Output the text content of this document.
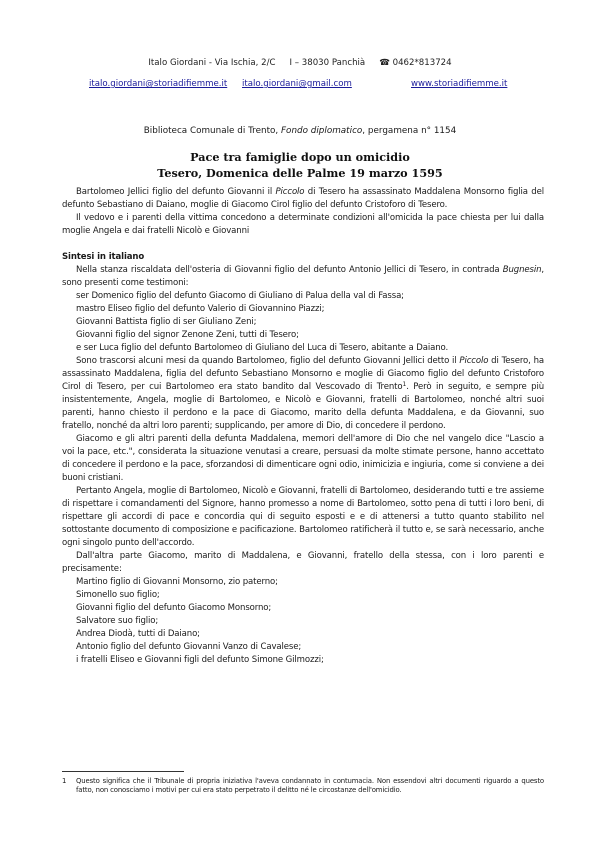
Italo Giordani - Via Ischia, 2/C I – 38030 Panchià ☎ 0462*813724
italo.giordani@storiadifiemme.it italo.giordani@gmail.com	www.storiadifiemme.it
Biblioteca Comunale di Trento, Fondo diplomatico, pergamena n° 1154
Pace tra famiglie dopo un omicidio
Tesero, Domenica delle Palme 19 marzo 1595

Bartolomeo Jellici figlio del defunto Giovanni il Piccolo di Tesero ha assassinato Maddalena Monsorno figlia del defunto Sebastiano di Daiano, moglie di Giacomo Cirol figlio del defunto Cristoforo di Tesero.

Il vedovo e i parenti della vittima concedono a determinate condizioni all'omicida la pace chiesta per lui dalla moglie Angela e dai fratelli Nicolò e Giovanni

Sintesi in italiano

Nella stanza riscaldata dell'osteria di Giovanni figlio del defunto Antonio Jellici di Tesero, in contrada Bugnesin, sono presenti come testimoni:

ser Domenico figlio del defunto Giacomo di Giuliano di Palua della val di Fassa;

mastro Eliseo figlio del defunto Valerio di Giovannino Piazzi;

Giovanni Battista figlio di ser Giuliano Zeni;

Giovanni figlio del signor Zenone Zeni, tutti di Tesero;

e ser Luca figlio del defunto Bartolomeo di Giuliano del Luca di Tesero, abitante a Daiano.

Sono trascorsi alcuni mesi da quando Bartolomeo, figlio del defunto Giovanni Jellici detto il Piccolo di Tesero, ha assassinato Maddalena, figlia del defunto Sebastiano Monsorno e moglie di Giacomo figlio del defunto Cristoforo Cirol di Tesero, per cui Bartolomeo era stato bandito dal Vescovado di Trento$^1$. Però in seguito, e sempre più insistentemente, Angela, moglie di Bartolomeo, e Nicolò e Giovanni, fratelli di Bartolomeo, nonché altri suoi parenti, hanno chiesto il perdono e la pace di Giacomo, marito della defunta Maddalena, e da Giovanni, suo fratello, nonché da altri loro parenti; supplicando, per amore di Dio, di concedere il perdono.

Giacomo e gli altri parenti della defunta Maddalena, memori dell'amore di Dio che nel vangelo dice "Lascio a voi la pace, etc.", considerata la situazione venutasi a creare, persuasi da molte stimate persone, hanno accettato di concedere il perdono e la pace, sforzandosi di dimenticare ogni odio, inimicizia e ingiuria, come si conviene a dei buoni cristiani.

Pertanto Angela, moglie di Bartolomeo, Nicolò e Giovanni, fratelli di Bartolomeo, desiderando tutti e tre assieme di rispettare i comandamenti del Signore, hanno promesso a nome di Bartolomeo, sotto pena di tutti i loro beni, di rispettare gli accordi di pace e concordia qui di seguito esposti e e di attenersi a tutto quanto stabilito nel sottostante documento di composizione e pacificazione. Bartolomeo ratificherà il tutto e, se sarà necessario, anche ogni singolo punto dell'accordo.

Dall'altra parte Giacomo, marito di Maddalena, e Giovanni, fratello della stessa, con i loro parenti e precisamente:

Martino figlio di Giovanni Monsorno, zio paterno;

Simonello suo figlio;

Giovanni figlio del defunto Giacomo Monsorno;

Salvatore suo figlio;

Andrea Diodà, tutti di Daiano;

Antonio figlio del defunto Giovanni Vanzo di Cavalese;

i fratelli Eliseo e Giovanni figli del defunto Simone Gilmozzi;

1 Questo significa che il Tribunale di propria iniziativa l'aveva condannato in contumacia. Non essendovi altri documenti riguardo a questo fatto, non conosciamo i motivi per cui era stato perpetrato il delitto né le circostanze dell'omicidio.
